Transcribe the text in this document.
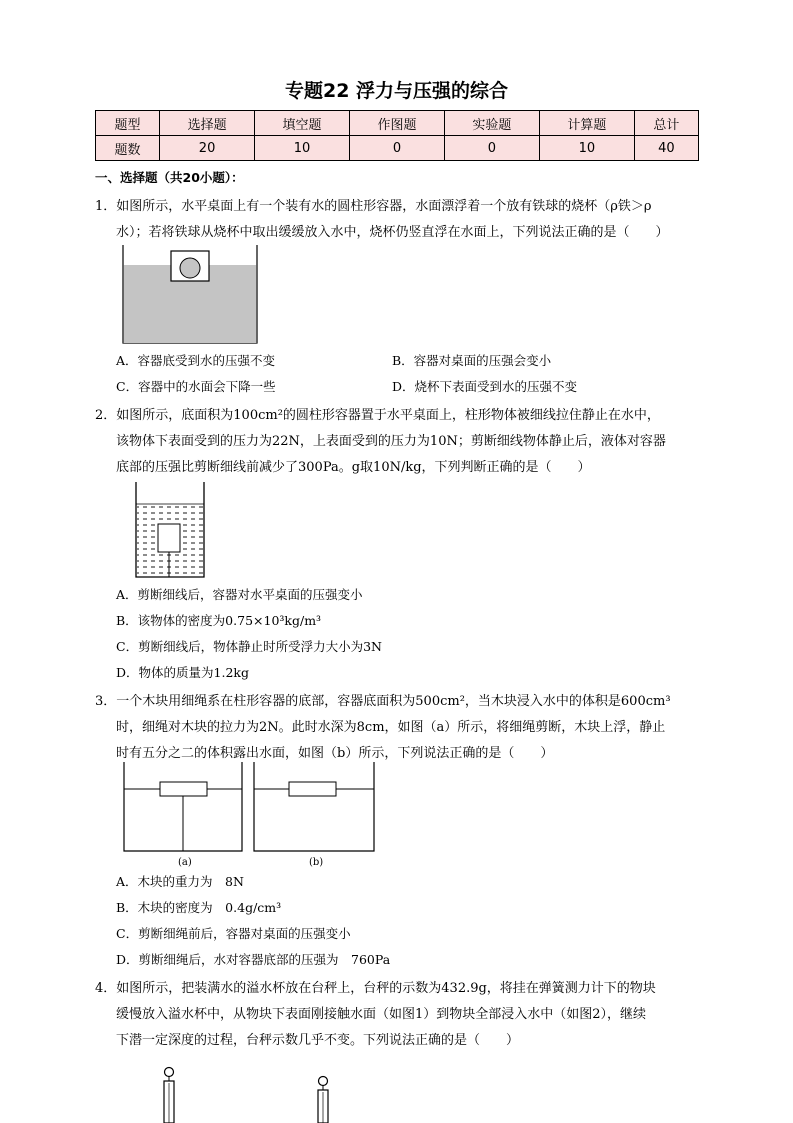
专题22 浮力与压强的综合
题型	选择题	填空题	作图题	实验题	计算题	总计
题数	20	10	0	0	10	40
一、选择题（共20小题）：
1．如图所示，水平桌面上有一个装有水的圆柱形容器，水面漂浮着一个放有铁球的烧杯（ρ铁＞ρ
水）；若将铁球从烧杯中取出缓缓放入水中，烧杯仍竖直浮在水面上，下列说法正确的是（　　）
A．容器底受到水的压强不变	B．容器对桌面的压强会变小
C．容器中的水面会下降一些	D．烧杯下表面受到水的压强不变
2．如图所示，底面积为100cm²的圆柱形容器置于水平桌面上，柱形物体被细线拉住静止在水中，
该物体下表面受到的压力为22N，上表面受到的压力为10N；剪断细线物体静止后，液体对容器
底部的压强比剪断细线前减少了300Pa。g取10N/kg，下列判断正确的是（　　）
A．剪断细线后，容器对水平桌面的压强变小
B．该物体的密度为0.75×10³kg/m³
C．剪断细线后，物体静止时所受浮力大小为3N
D．物体的质量为1.2kg
3．一个木块用细绳系在柱形容器的底部，容器底面积为500cm²，当木块浸入水中的体积是600cm³
时，细绳对木块的拉力为2N。此时水深为8cm，如图（a）所示，将细绳剪断，木块上浮，静止
时有五分之二的体积露出水面，如图（b）所示，下列说法正确的是（　　）
(a)	(b)
A．木块的重力为　8N
B．木块的密度为　0.4g/cm³
C．剪断细绳前后，容器对桌面的压强变小
D．剪断细绳后，水对容器底部的压强为　760Pa
4．如图所示，把装满水的溢水杯放在台秤上，台秤的示数为432.9g，将挂在弹簧测力计下的物块
缓慢放入溢水杯中，从物块下表面刚接触水面（如图1）到物块全部浸入水中（如图2），继续
下潜一定深度的过程，台秤示数几乎不变。下列说法正确的是（　　）
